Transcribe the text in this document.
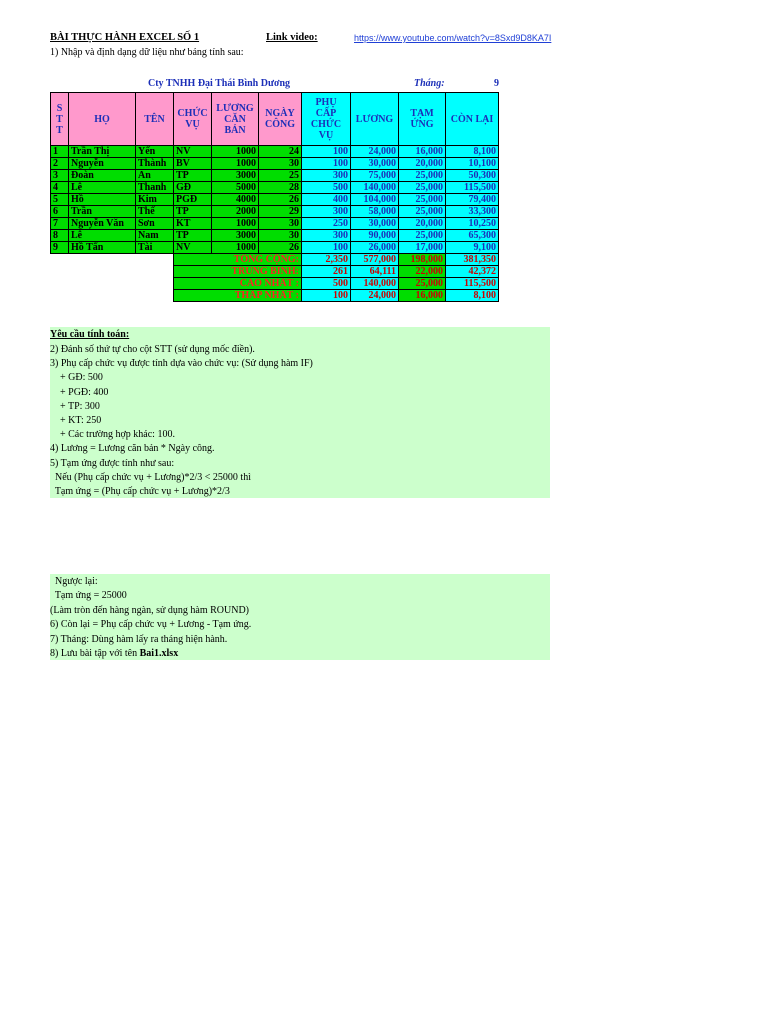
BÀI THỰC HÀNH EXCEL SỐ 1	Link video:	https://www.youtube.com/watch?v=8Sxd9D8KA7I
1) Nhập và định dạng dữ liệu như bảng tính sau:
Cty TNHH Đại Thái Bình Dương	Tháng:	9
S T T	HỌ	TÊN	CHỨC VỤ	LƯƠNG CĂN BẢN	NGÀY CÔNG	PHỤ CẤP CHỨC VỤ	LƯƠNG	TẠM ỨNG	CÒN LẠI
1	Trần Thị	Yến	NV	1000	24	100	24,000	16,000	8,100
2	Nguyễn	Thành	BV	1000	30	100	30,000	20,000	10,100
3	Đoàn	An	TP	3000	25	300	75,000	25,000	50,300
4	Lê	Thanh	GĐ	5000	28	500	140,000	25,000	115,500
5	Hồ	Kim	PGĐ	4000	26	400	104,000	25,000	79,400
6	Trần	Thế	TP	2000	29	300	58,000	25,000	33,300
7	Nguyễn Văn	Sơn	KT	1000	30	250	30,000	20,000	10,250
8	Lê	Nam	TP	3000	30	300	90,000	25,000	65,300
9	Hồ Tấn	Tài	NV	1000	26	100	26,000	17,000	9,100
			TỔNG CỘNG:			2,350	577,000	198,000	381,350
			TRUNG BÌNH:			261	64,111	22,000	42,372
			CAO NHẤT :			500	140,000	25,000	115,500
			THẤP NHẤT :			100	24,000	16,000	8,100
Yêu cầu tính toán:
2) Đánh số thứ tự cho cột STT (sử dụng mốc điền).
3) Phụ cấp chức vụ được tính dựa vào chức vụ: (Sử dụng hàm IF)
+ GĐ: 500
+ PGĐ: 400
+ TP: 300
+ KT: 250
+ Các trường hợp khác: 100.
4) Lương = Lương căn bản * Ngày công.
5) Tạm ứng được tính như sau:
Nếu (Phụ cấp chức vụ + Lương)*2/3 < 25000 thì
Tạm ứng = (Phụ cấp chức vụ + Lương)*2/3
Ngược lại:
Tạm ứng = 25000
(Làm tròn đến hàng ngàn, sử dụng hàm ROUND)
6) Còn lại = Phụ cấp chức vụ + Lương - Tạm ứng.
7) Tháng: Dùng hàm lấy ra tháng hiện hành.
8) Lưu bài tập với tên Bai1.xlsx
